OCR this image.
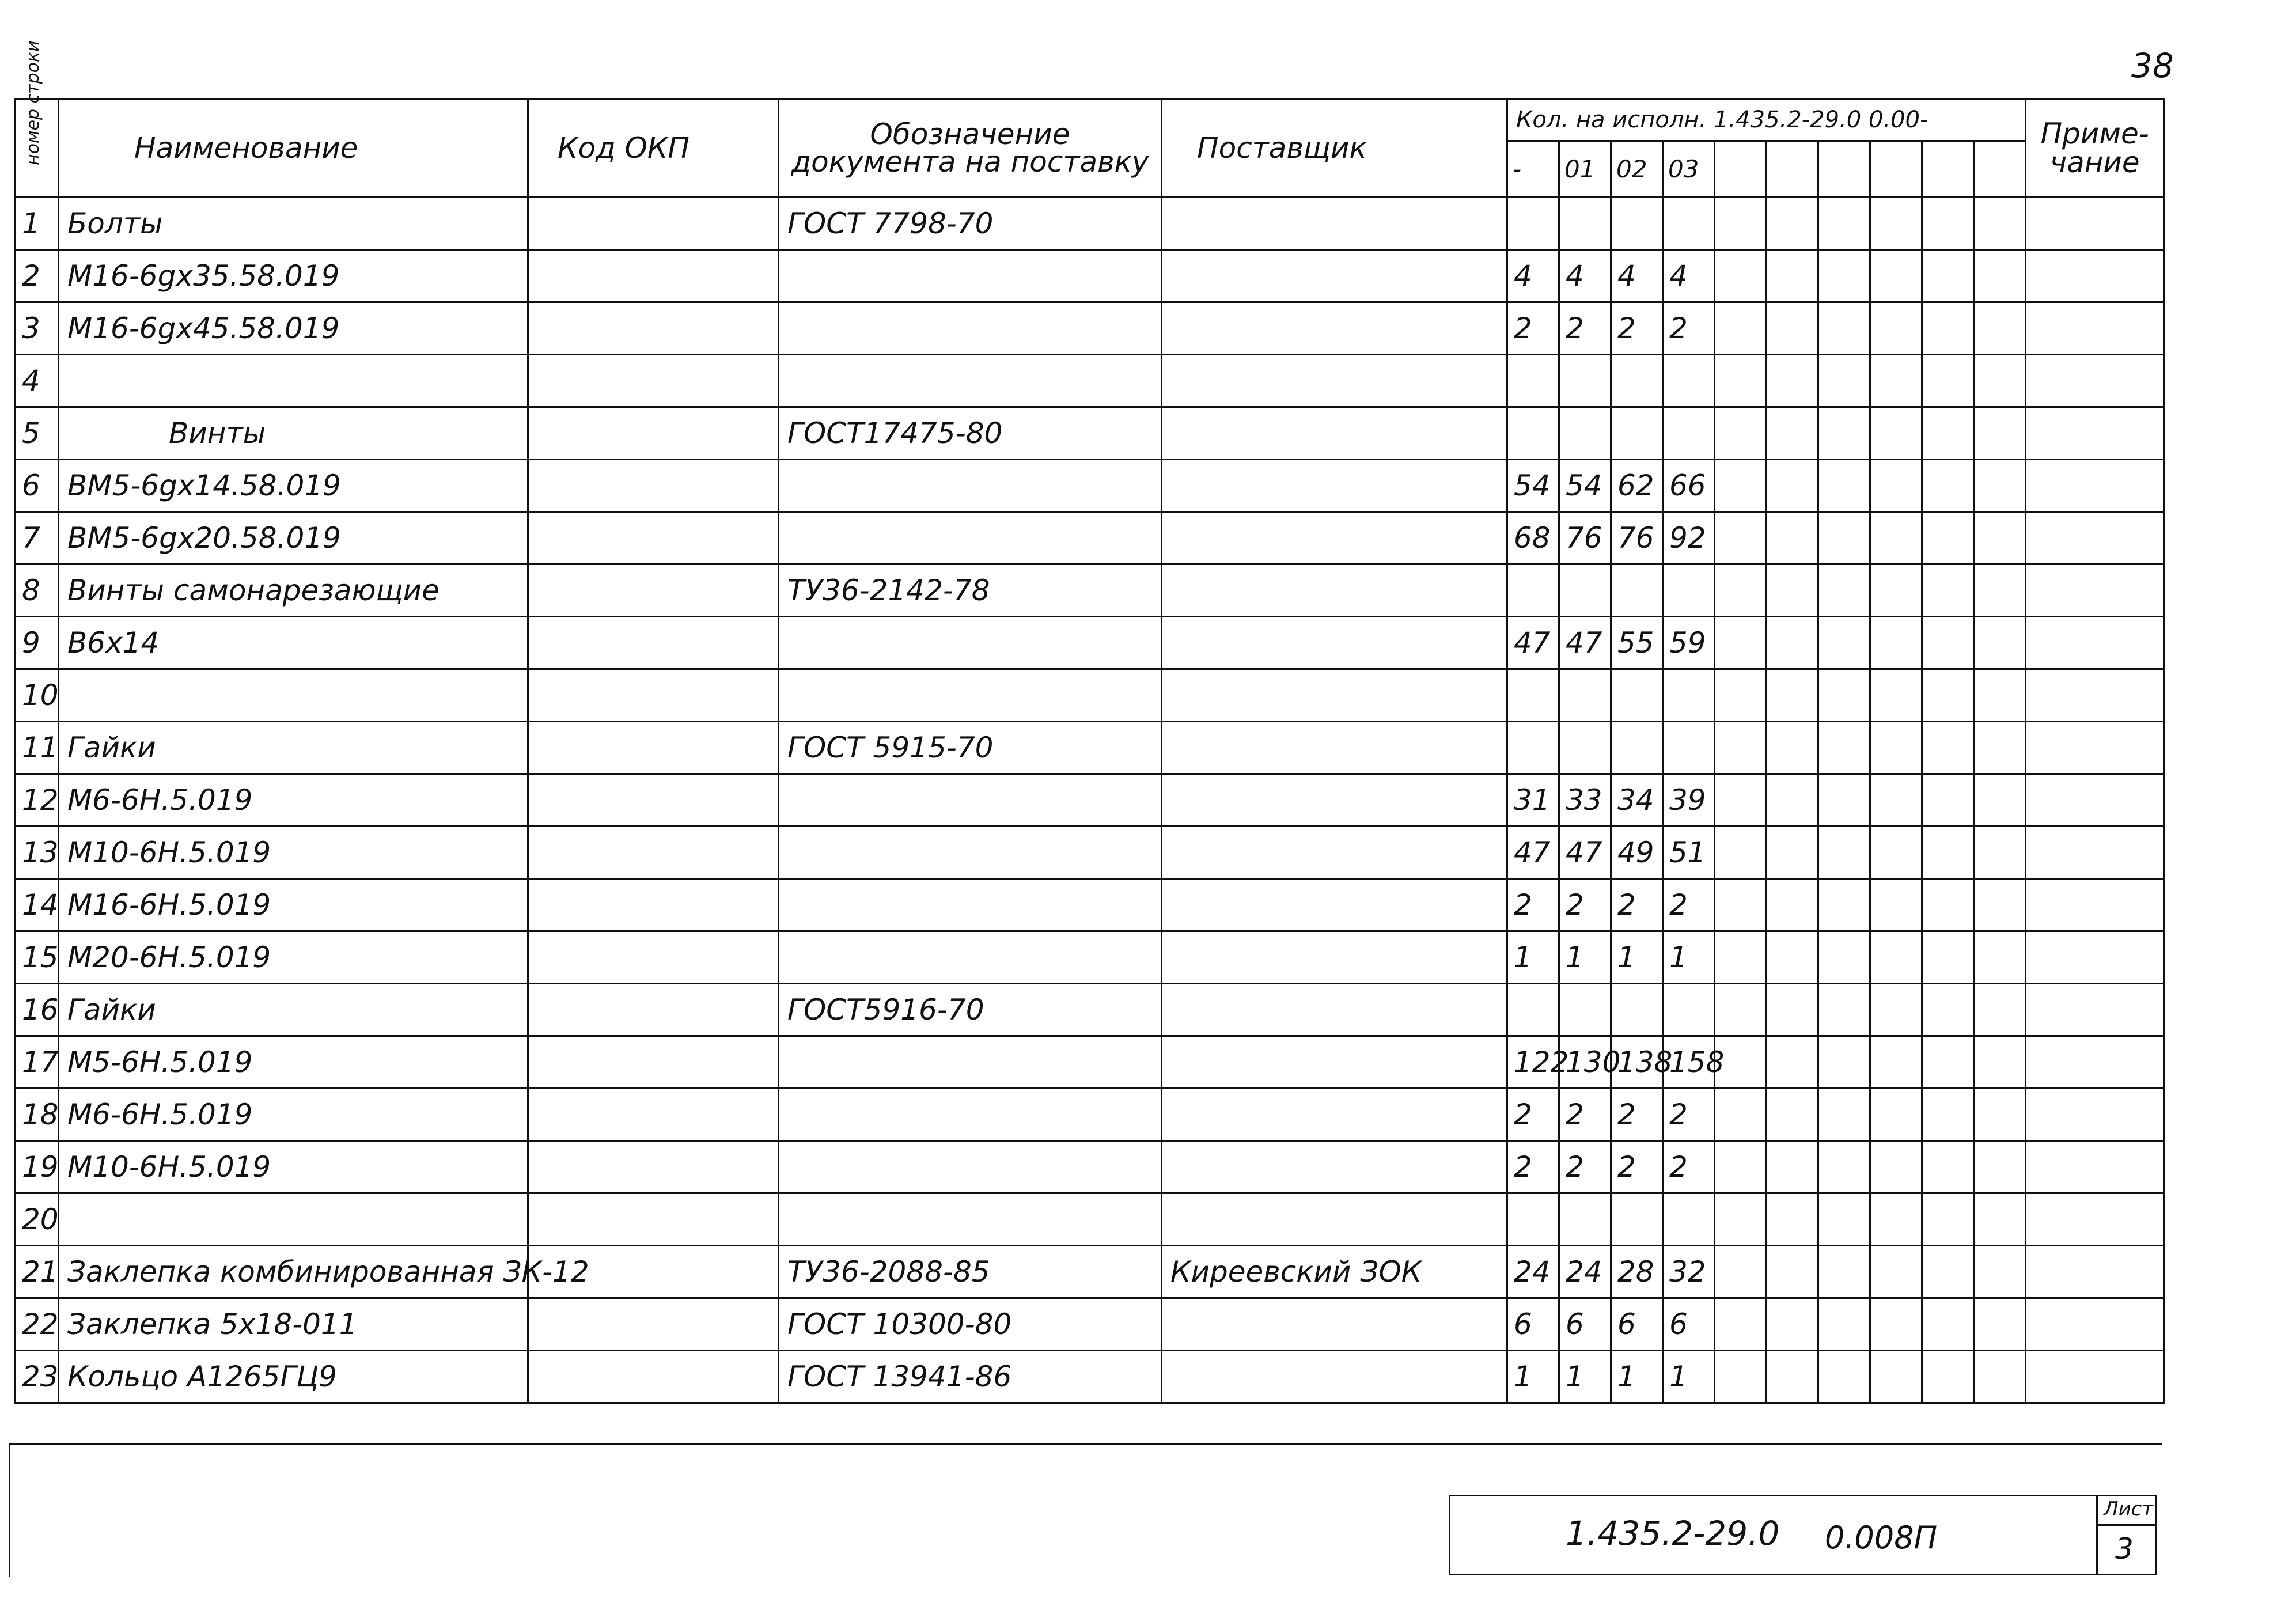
38
номер строки	Наименование	Код ОКП	Обозначение документа на поставку	Поставщик	Кол. на исполн. 1.435.2-29.0 0.00-										Приме-чание
					-	01	02	03							
1	Болты		ГОСТ 7798-70												
2	М16-6gх35.58.019				4	4	4	4							
3	М16-6gх45.58.019				2	2	2	2							
4															
5	Винты		ГОСТ17475-80												
6	ВМ5-6gх14.58.019				54	54	62	66							
7	ВМ5-6gх20.58.019				68	76	76	92							
8	Винты самонарезающие		ТУ36-2142-78												
9	В6х14				47	47	55	59							
10															
11	Гайки		ГОСТ 5915-70												
12	М6-6Н.5.019				31	33	34	39							
13	М10-6Н.5.019				47	47	49	51							
14	М16-6Н.5.019				2	2	2	2							
15	М20-6Н.5.019				1	1	1	1							
16	Гайки		ГОСТ5916-70												
17	М5-6Н.5.019				122	130	138	158							
18	М6-6Н.5.019				2	2	2	2							
19	М10-6Н.5.019				2	2	2	2							
20															
21	Заклепка комбинированная ЗК-12		ТУ36-2088-85	Киреевский ЗОК	24	24	28	32							
22	Заклепка 5х18-011		ГОСТ 10300-80		6	6	6	6							
23	Кольцо А1265ГЦ9		ГОСТ 13941-86		1	1	1	1							
1.435.2-29.0 0.008П
Лист
3
